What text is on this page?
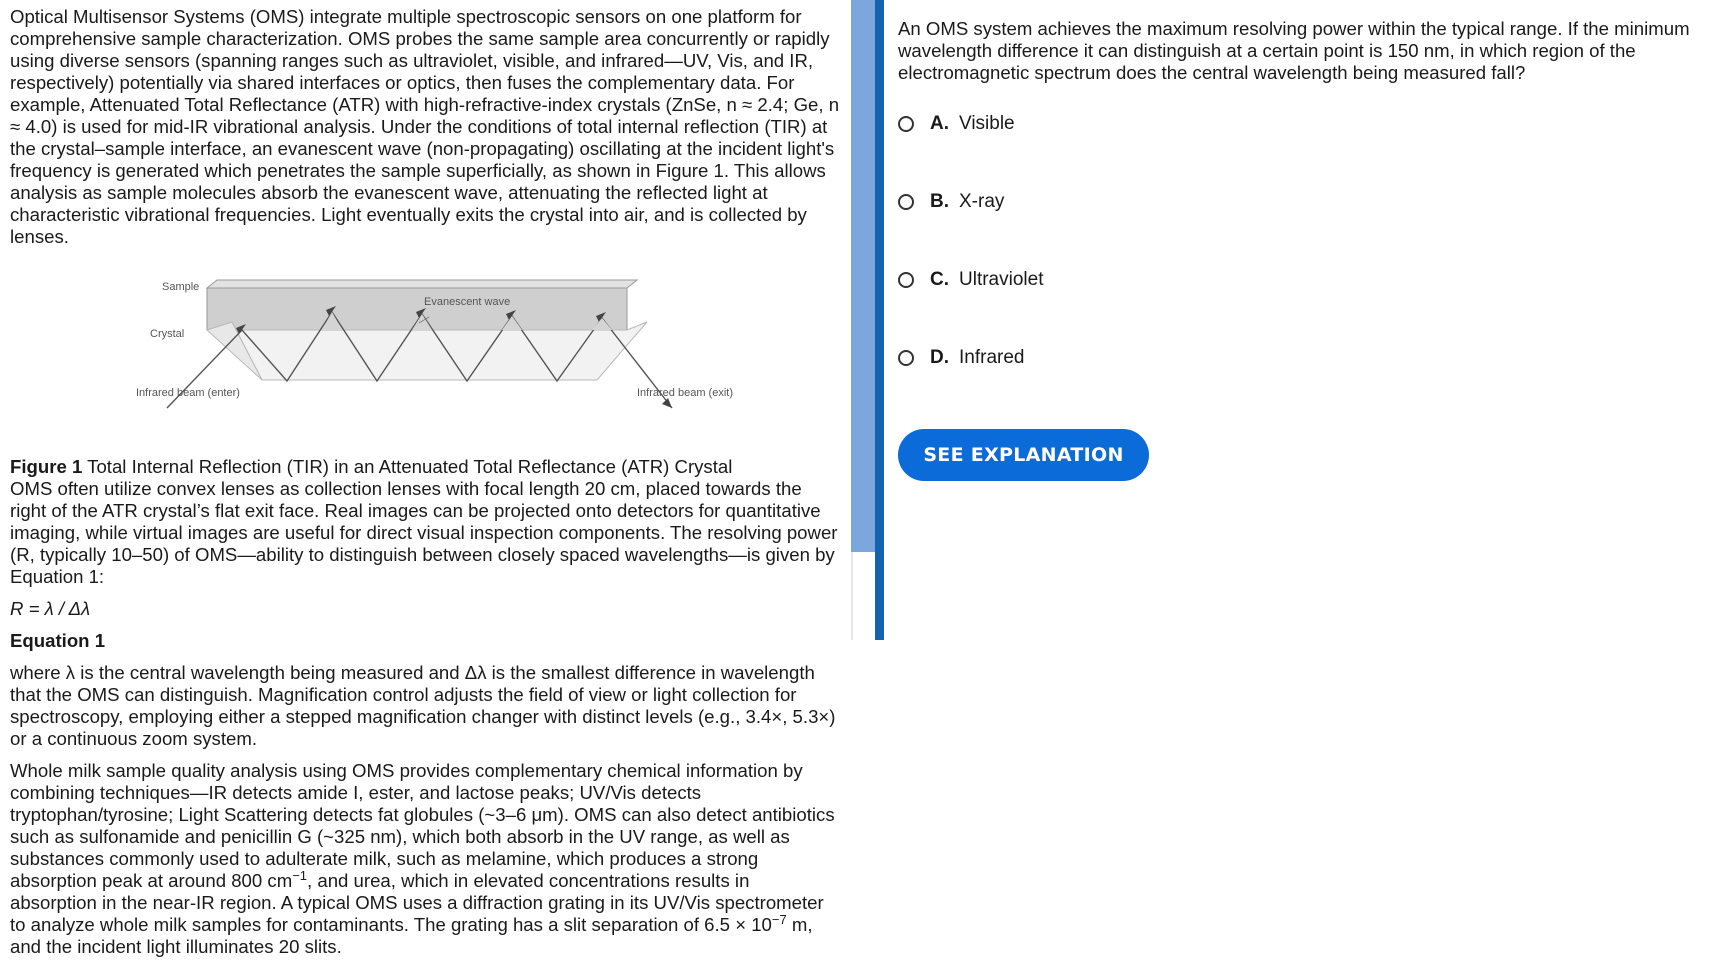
Optical Multisensor Systems (OMS) integrate multiple spectroscopic sensors on one platform for comprehensive sample characterization. OMS probes the same sample area concurrently or rapidly using diverse sensors (spanning ranges such as ultraviolet, visible, and infrared—UV, Vis, and IR, respectively) potentially via shared interfaces or optics, then fuses the complementary data. For example, Attenuated Total Reflectance (ATR) with high-refractive-index crystals (ZnSe, n ≈ 2.4; Ge, n ≈ 4.0) is used for mid-IR vibrational analysis. Under the conditions of total internal reflection (TIR) at the crystal–sample interface, an evanescent wave (non-propagating) oscillating at the incident light's frequency is generated which penetrates the sample superficially, as shown in Figure 1. This allows analysis as sample molecules absorb the evanescent wave, attenuating the reflected light at characteristic vibrational frequencies. Light eventually exits the crystal into air, and is collected by lenses.

Sample
Crystal
Evanescent wave
Infrared beam (enter)	Infrared beam (exit)

Figure 1 Total Internal Reflection (TIR) in an Attenuated Total Reflectance (ATR) Crystal

OMS often utilize convex lenses as collection lenses with focal length 20 cm, placed towards the right of the ATR crystal’s flat exit face. Real images can be projected onto detectors for quantitative imaging, while virtual images are useful for direct visual inspection components. The resolving power (R, typically 10–50) of OMS—ability to distinguish between closely spaced wavelengths—is given by Equation 1:

R = λ / Δλ

Equation 1

where λ is the central wavelength being measured and Δλ is the smallest difference in wavelength that the OMS can distinguish. Magnification control adjusts the field of view or light collection for spectroscopy, employing either a stepped magnification changer with distinct levels (e.g., 3.4×, 5.3×) or a continuous zoom system.

Whole milk sample quality analysis using OMS provides complementary chemical information by combining techniques—IR detects amide I, ester, and lactose peaks; UV/Vis detects tryptophan/tyrosine; Light Scattering detects fat globules (~3–6 μm). OMS can also detect antibiotics such as sulfonamide and penicillin G (~325 nm), which both absorb in the UV range, as well as substances commonly used to adulterate milk, such as melamine, which produces a strong absorption peak at around 800 $cm^{-1}$, and urea, which in elevated concentrations results in absorption in the near-IR region. A typical OMS uses a diffraction grating in its UV/Vis spectrometer to analyze whole milk samples for contaminants. The grating has a slit separation of $6.5 \times 10^{-7}$ m, and the incident light illuminates 20 slits.

An OMS system achieves the maximum resolving power within the typical range. If the minimum wavelength difference it can distinguish at a certain point is 150 nm, in which region of the electromagnetic spectrum does the central wavelength being measured fall?

A. Visible
B. X-ray
C. Ultraviolet
D. Infrared
SEE EXPLANATION
